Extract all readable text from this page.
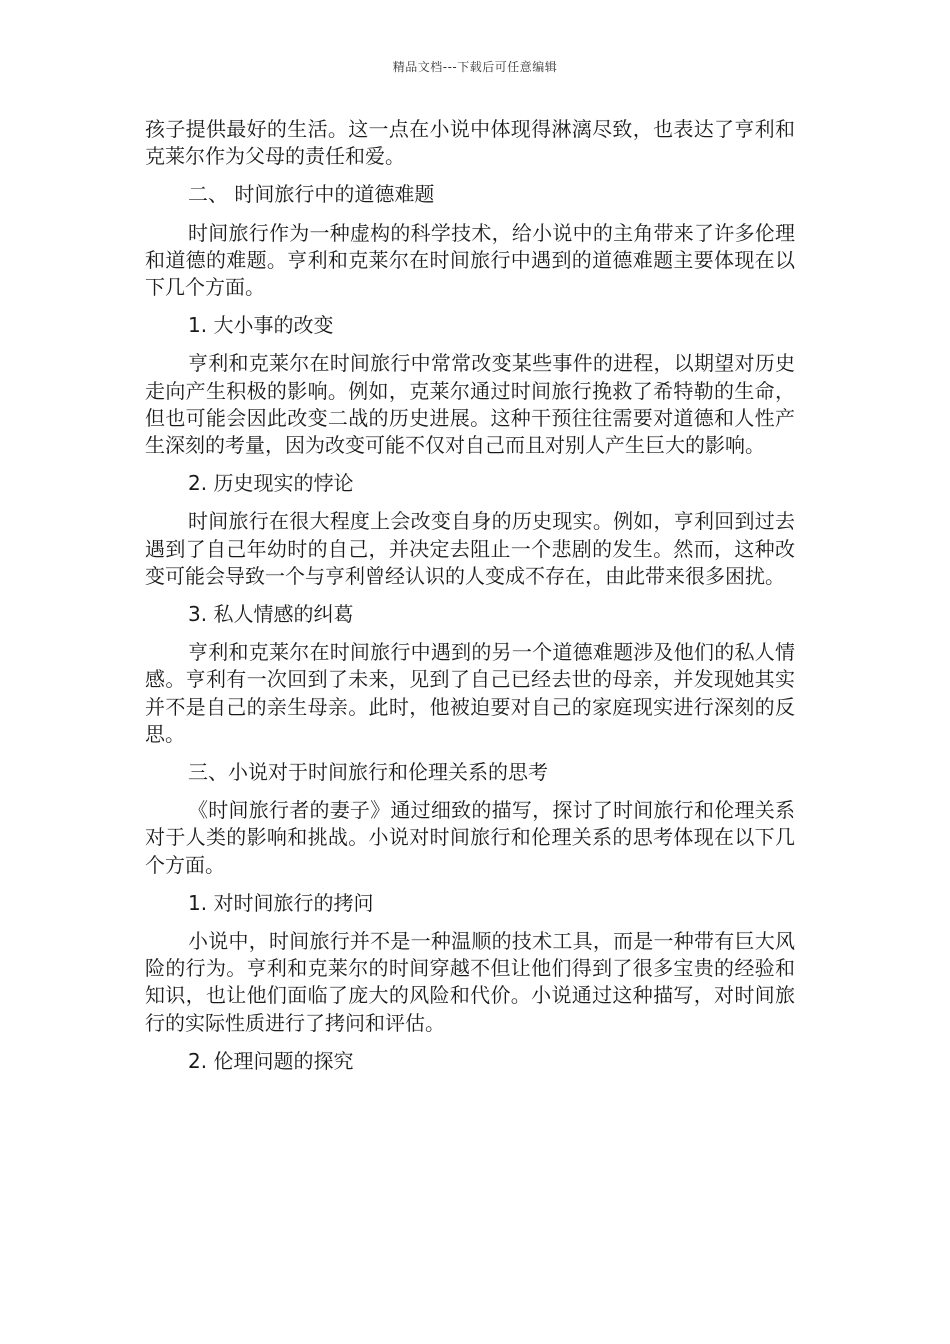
精品文档---下载后可任意编辑

孩子提供最好的生活。这一点在小说中体现得淋漓尽致，也表达了亨利和克莱尔作为父母的责任和爱。

二、 时间旅行中的道德难题

时间旅行作为一种虚构的科学技术，给小说中的主角带来了许多伦理和道德的难题。亨利和克莱尔在时间旅行中遇到的道德难题主要体现在以下几个方面。

1. 大小事的改变

亨利和克莱尔在时间旅行中常常改变某些事件的进程，以期望对历史走向产生积极的影响。例如，克莱尔通过时间旅行挽救了希特勒的生命，但也可能会因此改变二战的历史进展。这种干预往往需要对道德和人性产生深刻的考量，因为改变可能不仅对自己而且对别人产生巨大的影响。

2. 历史现实的悖论

时间旅行在很大程度上会改变自身的历史现实。例如，亨利回到过去遇到了自己年幼时的自己，并决定去阻止一个悲剧的发生。然而，这种改变可能会导致一个与亨利曾经认识的人变成不存在，由此带来很多困扰。

3. 私人情感的纠葛

亨利和克莱尔在时间旅行中遇到的另一个道德难题涉及他们的私人情感。亨利有一次回到了未来，见到了自己已经去世的母亲，并发现她其实并不是自己的亲生母亲。此时，他被迫要对自己的家庭现实进行深刻的反思。

三、小说对于时间旅行和伦理关系的思考

《时间旅行者的妻子》通过细致的描写，探讨了时间旅行和伦理关系对于人类的影响和挑战。小说对时间旅行和伦理关系的思考体现在以下几个方面。

1. 对时间旅行的拷问

小说中，时间旅行并不是一种温顺的技术工具，而是一种带有巨大风险的行为。亨利和克莱尔的时间穿越不但让他们得到了很多宝贵的经验和知识，也让他们面临了庞大的风险和代价。小说通过这种描写，对时间旅行的实际性质进行了拷问和评估。

2. 伦理问题的探究
